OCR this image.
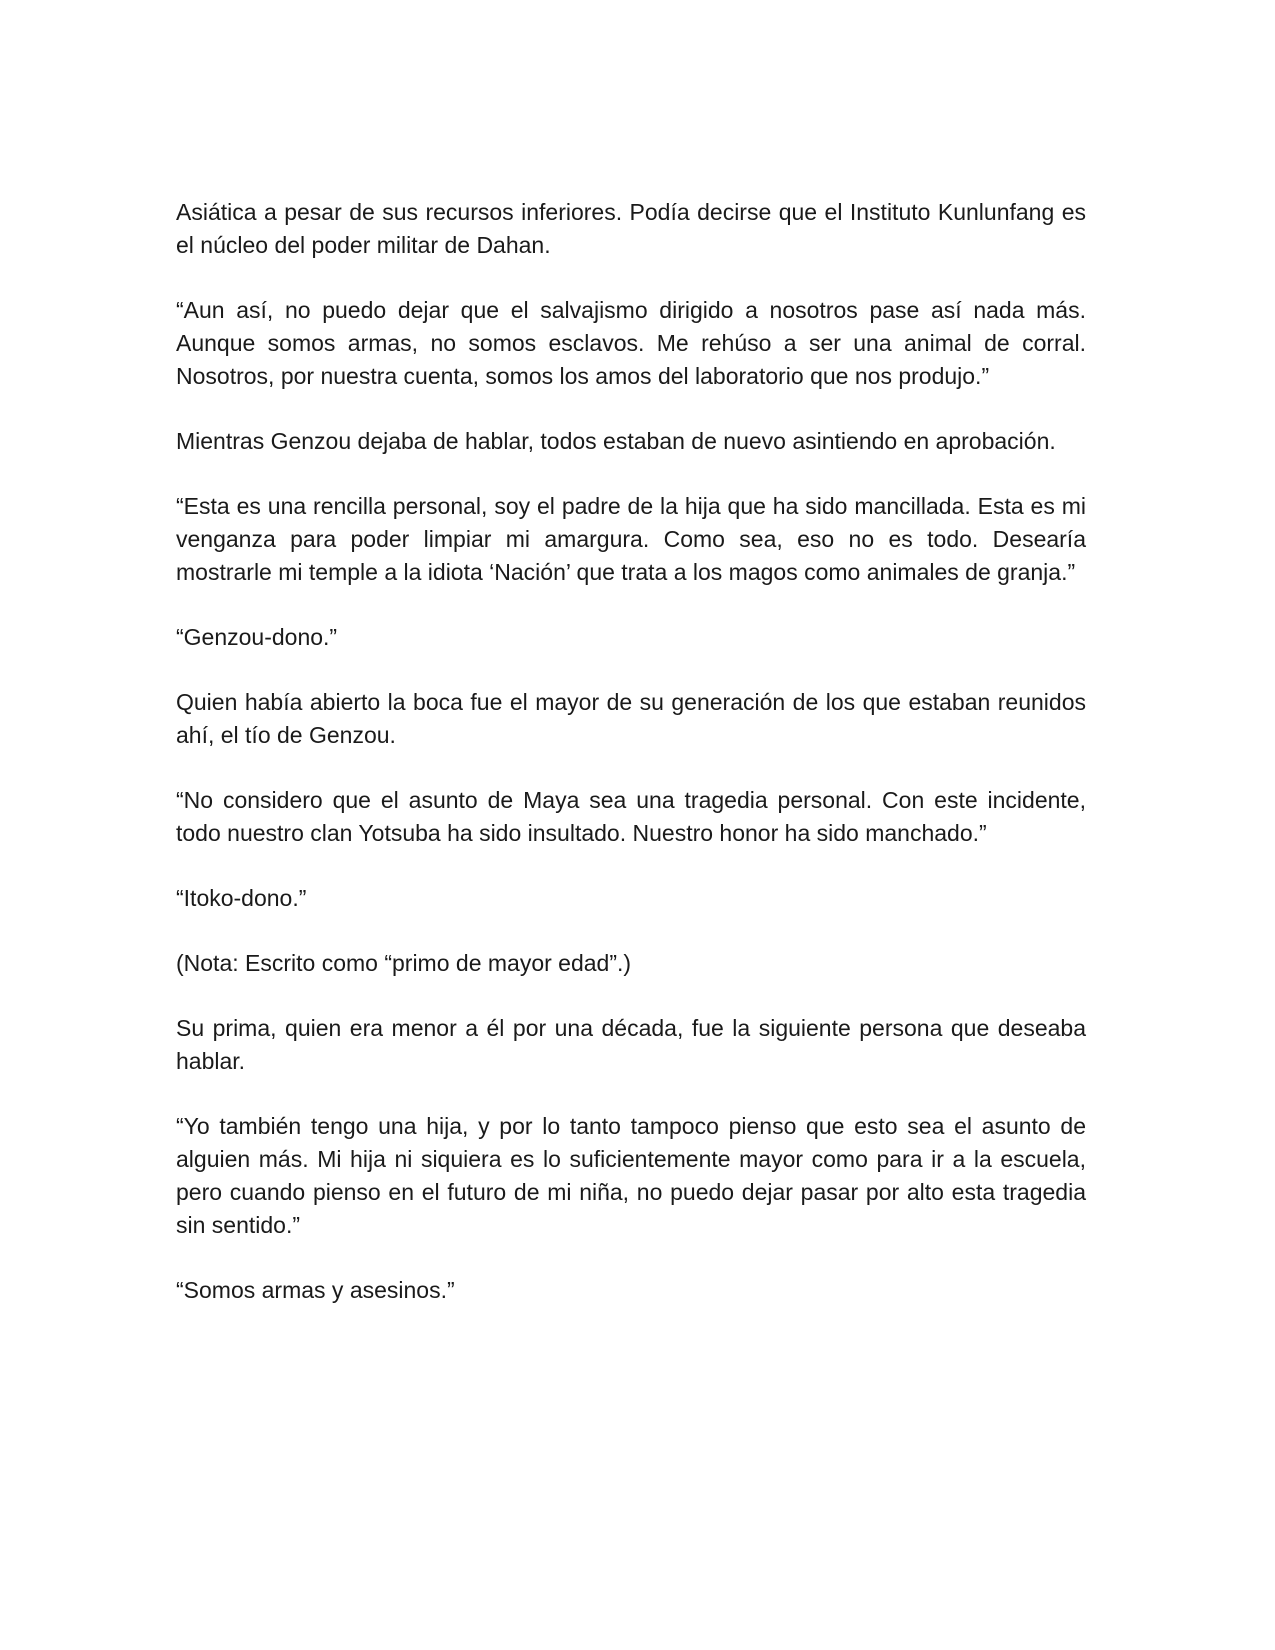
Asiática a pesar de sus recursos inferiores. Podía decirse que el Instituto Kunlunfang es el núcleo del poder militar de Dahan.

“Aun así, no puedo dejar que el salvajismo dirigido a nosotros pase así nada más. Aunque somos armas, no somos esclavos. Me rehúso a ser una animal de corral. Nosotros, por nuestra cuenta, somos los amos del laboratorio que nos produjo.”

Mientras Genzou dejaba de hablar, todos estaban de nuevo asintiendo en aprobación.

“Esta es una rencilla personal, soy el padre de la hija que ha sido mancillada. Esta es mi venganza para poder limpiar mi amargura. Como sea, eso no es todo. Desearía mostrarle mi temple a la idiota ‘Nación’ que trata a los magos como animales de granja.”

“Genzou-dono.”

Quien había abierto la boca fue el mayor de su generación de los que estaban reunidos ahí, el tío de Genzou.

“No considero que el asunto de Maya sea una tragedia personal. Con este incidente, todo nuestro clan Yotsuba ha sido insultado. Nuestro honor ha sido manchado.”

“Itoko-dono.”

(Nota: Escrito como “primo de mayor edad”.)

Su prima, quien era menor a él por una década, fue la siguiente persona que deseaba hablar.

“Yo también tengo una hija, y por lo tanto tampoco pienso que esto sea el asunto de alguien más. Mi hija ni siquiera es lo suficientemente mayor como para ir a la escuela, pero cuando pienso en el futuro de mi niña, no puedo dejar pasar por alto esta tragedia sin sentido.”

“Somos armas y asesinos.”
